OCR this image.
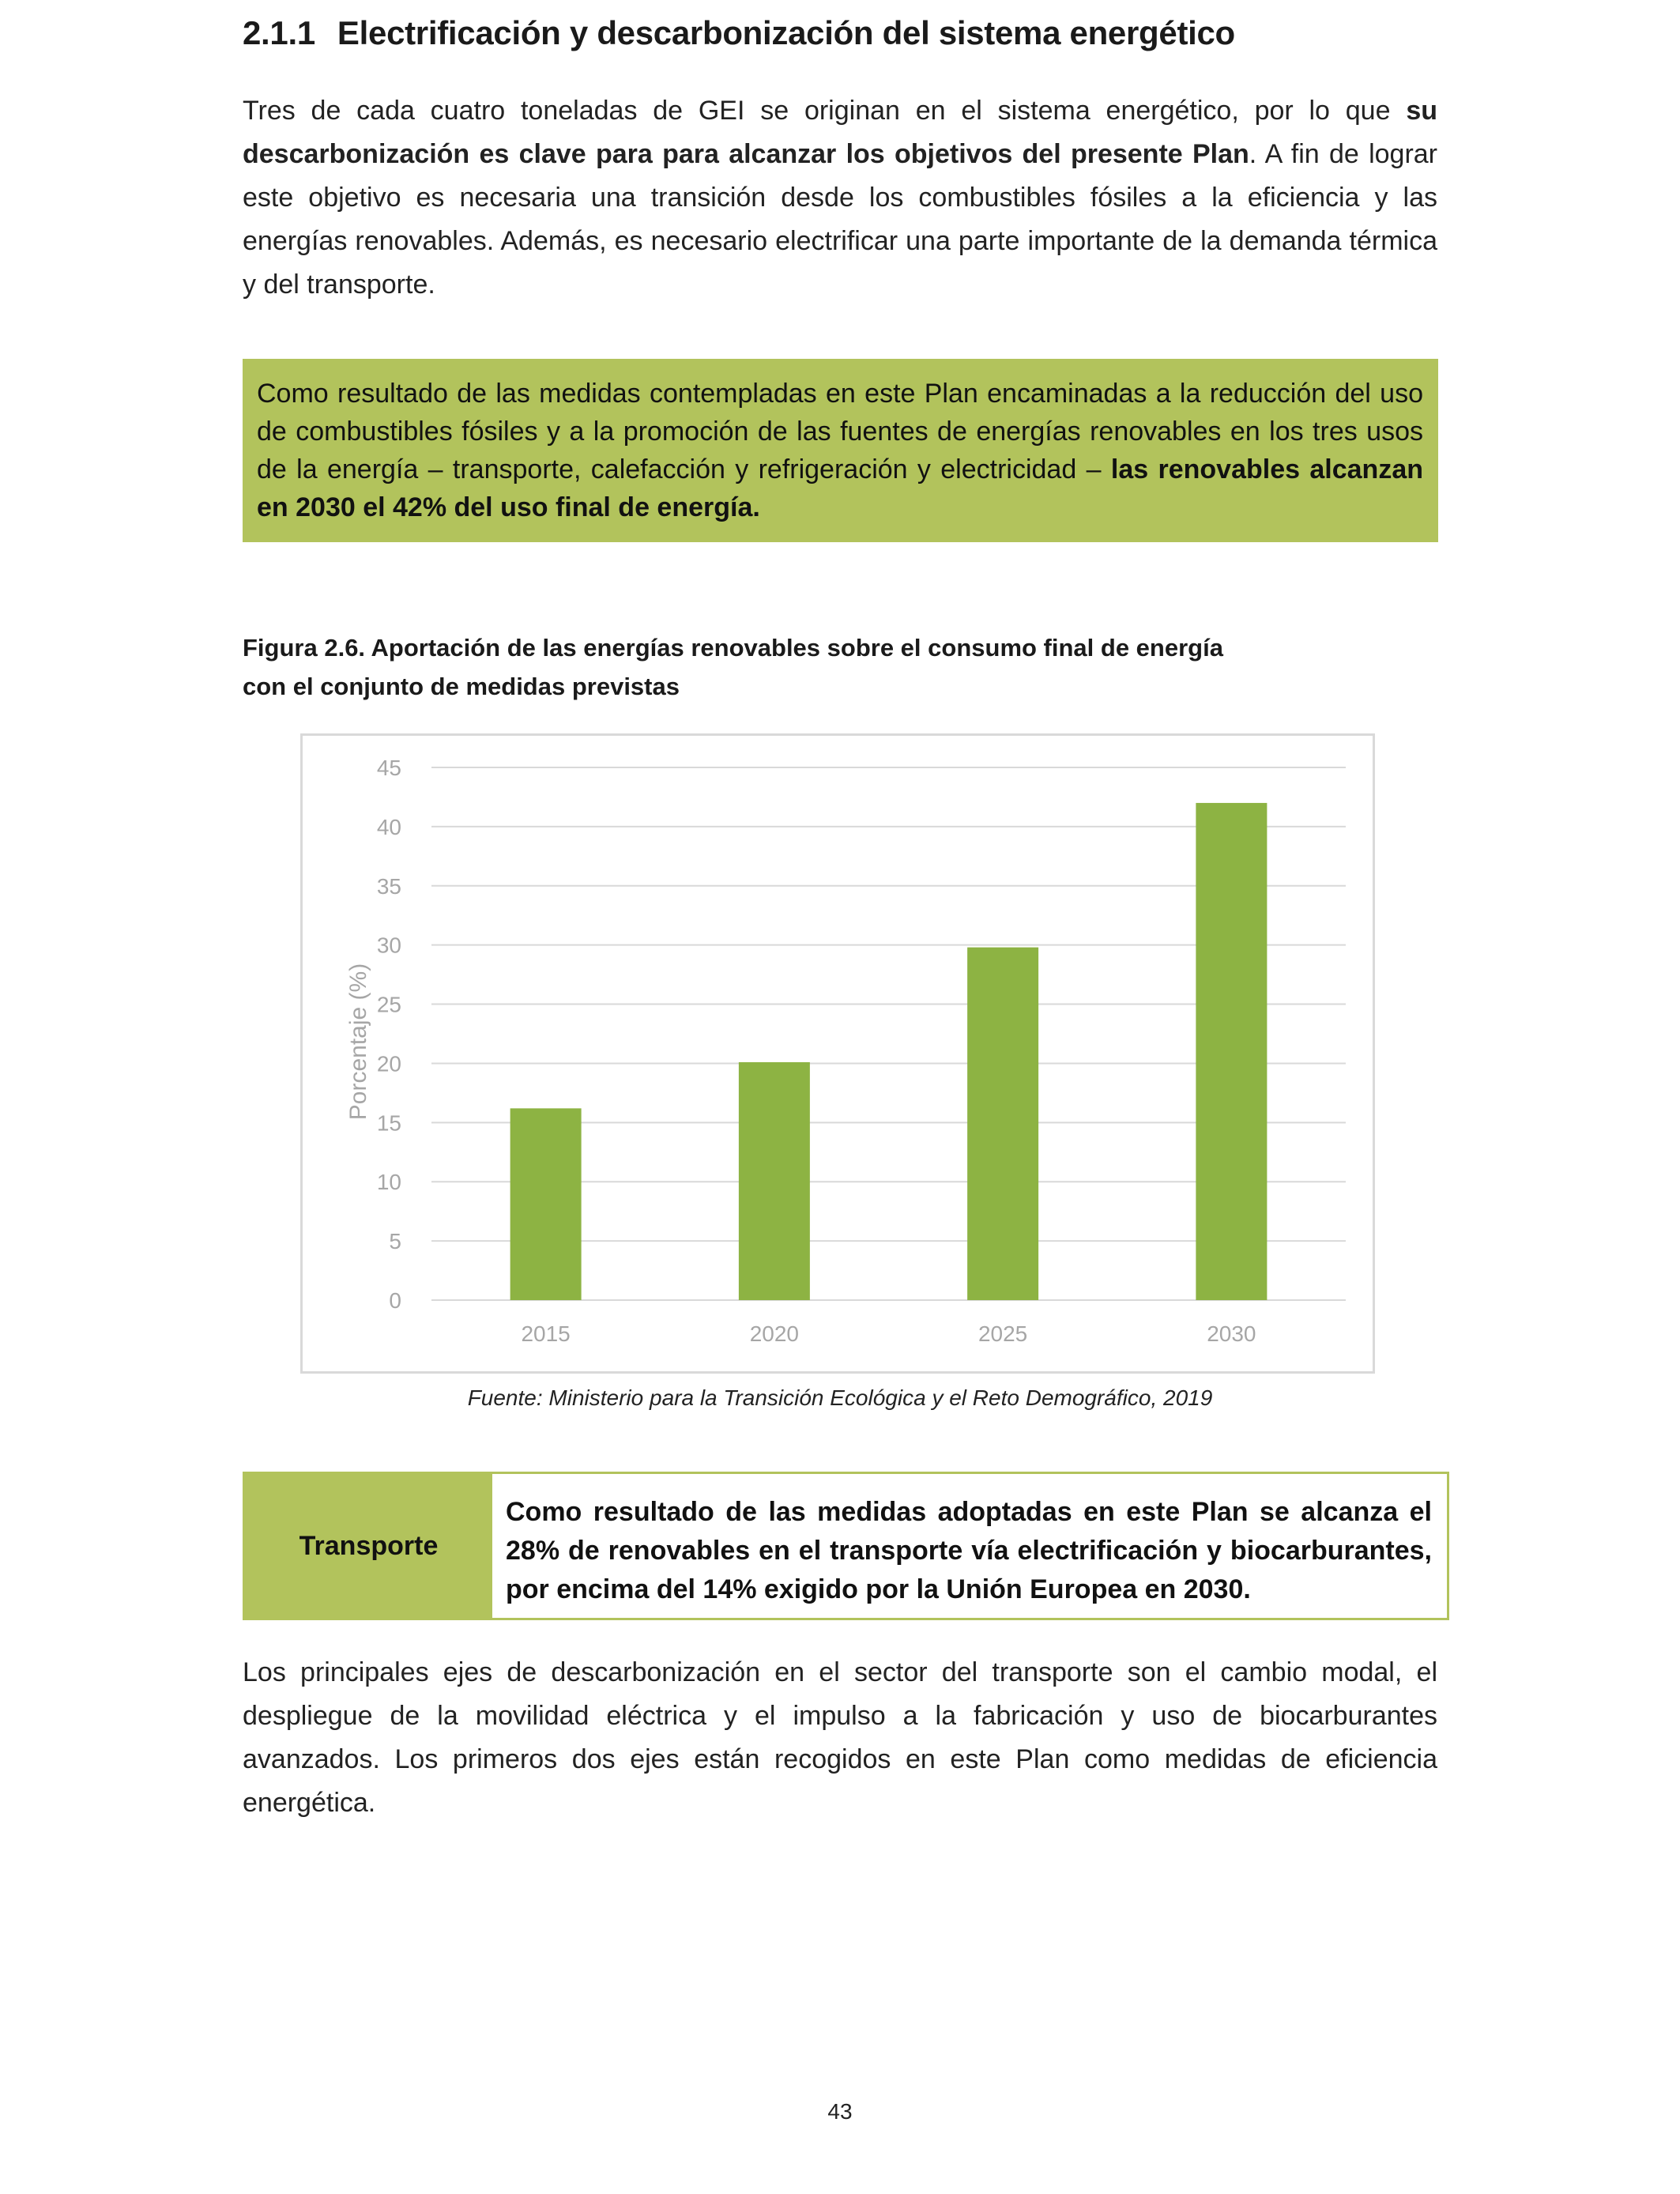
2.1.1 Electrificación y descarbonización del sistema energético
Tres de cada cuatro toneladas de GEI se originan en el sistema energético, por lo que su descarbonización es clave para para alcanzar los objetivos del presente Plan. A fin de lograr este objetivo es necesaria una transición desde los combustibles fósiles a la eficiencia y las energías renovables. Además, es necesario electrificar una parte importante de la demanda térmica y del transporte.
Como resultado de las medidas contempladas en este Plan encaminadas a la reducción del uso de combustibles fósiles y a la promoción de las fuentes de energías renovables en los tres usos de la energía – transporte, calefacción y refrigeración y electricidad – las renovables alcanzan en 2030 el 42% del uso final de energía.
Figura 2.6. Aportación de las energías renovables sobre el consumo final de energía
con el conjunto de medidas previstas
0
5
10
15
20
25
30
35
40
45
2015	2020	2025	2030
Porcentaje (%)
Fuente: Ministerio para la Transición Ecológica y el Reto Demográfico, 2019
Transporte
Como resultado de las medidas adoptadas en este Plan se alcanza el 28% de renovables en el transporte vía electrificación y biocarburantes, por encima del 14% exigido por la Unión Europea en 2030.
Los principales ejes de descarbonización en el sector del transporte son el cambio modal, el despliegue de la movilidad eléctrica y el impulso a la fabricación y uso de biocarburantes avanzados. Los primeros dos ejes están recogidos en este Plan como medidas de eficiencia energética.
43
